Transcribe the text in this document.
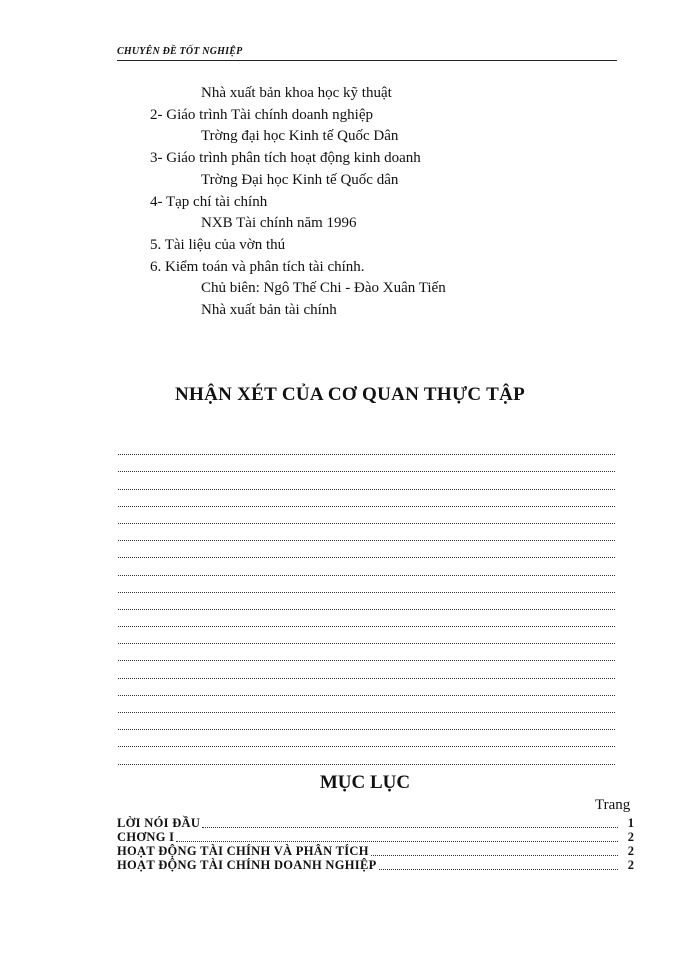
CHUYÊN ĐỀ TỐT NGHIỆP
Nhà xuất bản khoa học kỹ thuật
2- Giáo trình Tài chính doanh nghiệp
Trờng đại học Kinh tế Quốc Dân
3- Giáo trình phân tích hoạt động kinh doanh
Trờng Đại học Kinh tế Quốc dân
4- Tạp chí tài chính
NXB Tài chính năm 1996
5. Tài liệu của vờn thú
6. Kiểm toán và phân tích tài chính.
Chủ biên: Ngô Thế Chi - Đào Xuân Tiến
Nhà xuất bản tài chính
NHẬN XÉT CỦA CƠ QUAN THỰC TẬP
MỤC LỤC
Trang
LỜI NÓI ĐẦU	1
CHƠNG I	2
HOẠT ĐỘNG TÀI CHÍNH VÀ PHÂN TÍCH	2
HOẠT ĐỘNG TÀI CHÍNH DOANH NGHIỆP	2
